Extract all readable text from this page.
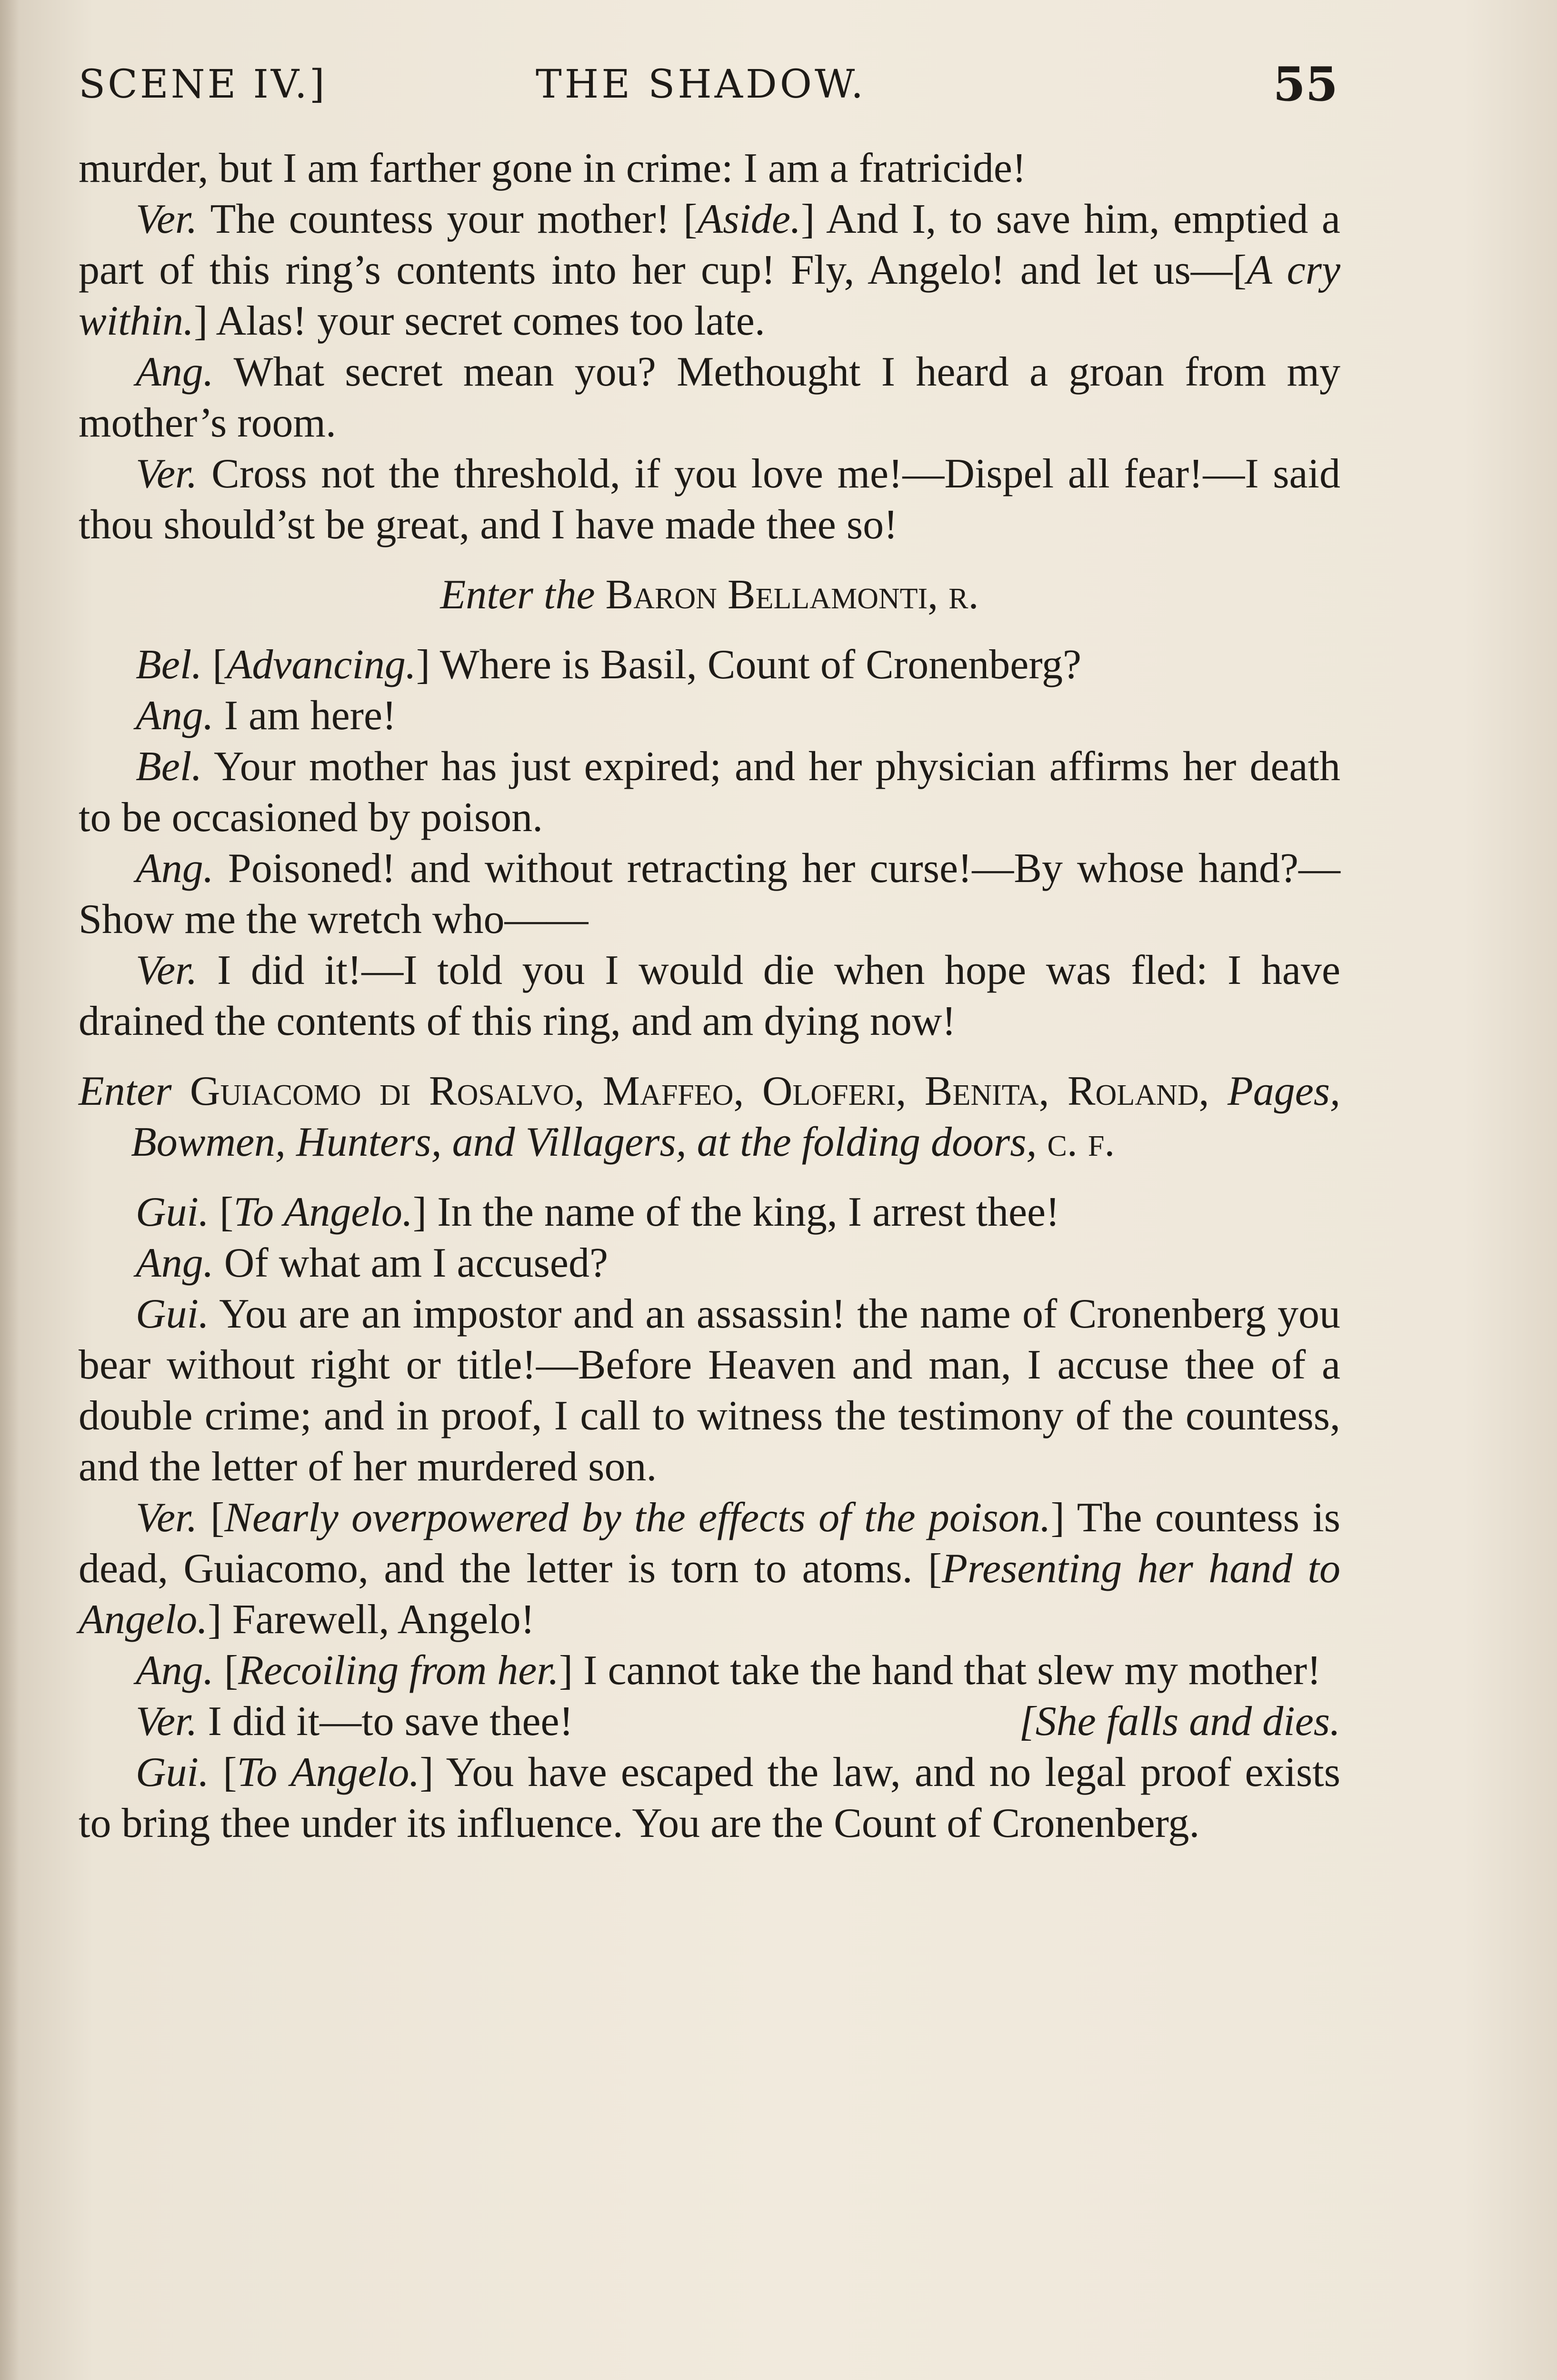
SCENE IV.]	THE SHADOW.	55

murder, but I am farther gone in crime: I am a fratricide!

Ver. The countess your mother! [Aside.] And I, to save him, emptied a part of this ring’s contents into her cup! Fly, Angelo! and let us—[A cry within.] Alas! your secret comes too late.

Ang. What secret mean you? Methought I heard a groan from my mother’s room.

Ver. Cross not the threshold, if you love me!—Dispel all fear!—I said thou should’st be great, and I have made thee so!

Enter the Baron Bellamonti, r.

Bel. [Advancing.] Where is Basil, Count of Cronenberg?

Ang. I am here!

Bel. Your mother has just expired; and her physician affirms her death to be occasioned by poison.

Ang. Poisoned! and without retracting her curse!—By whose hand?—Show me the wretch who——

Ver. I did it!—I told you I would die when hope was fled: I have drained the contents of this ring, and am dying now!

Enter Guiacomo di Rosalvo, Maffeo, Oloferi, Benita, Roland, Pages, Bowmen, Hunters, and Villagers, at the folding doors, c. f.

Gui. [To Angelo.] In the name of the king, I arrest thee!

Ang. Of what am I accused?

Gui. You are an impostor and an assassin! the name of Cronenberg you bear without right or title!—Before Heaven and man, I accuse thee of a double crime; and in proof, I call to witness the testimony of the countess, and the letter of her murdered son.

Ver. [Nearly overpowered by the effects of the poison.] The countess is dead, Guiacomo, and the letter is torn to atoms. [Presenting her hand to Angelo.] Farewell, Angelo!

Ang. [Recoiling from her.] I cannot take the hand that slew my mother!

Ver. I did it—to save thee!	[She falls and dies.

Gui. [To Angelo.] You have escaped the law, and no legal proof exists to bring thee under its influence. You are the Count of Cronenberg.
